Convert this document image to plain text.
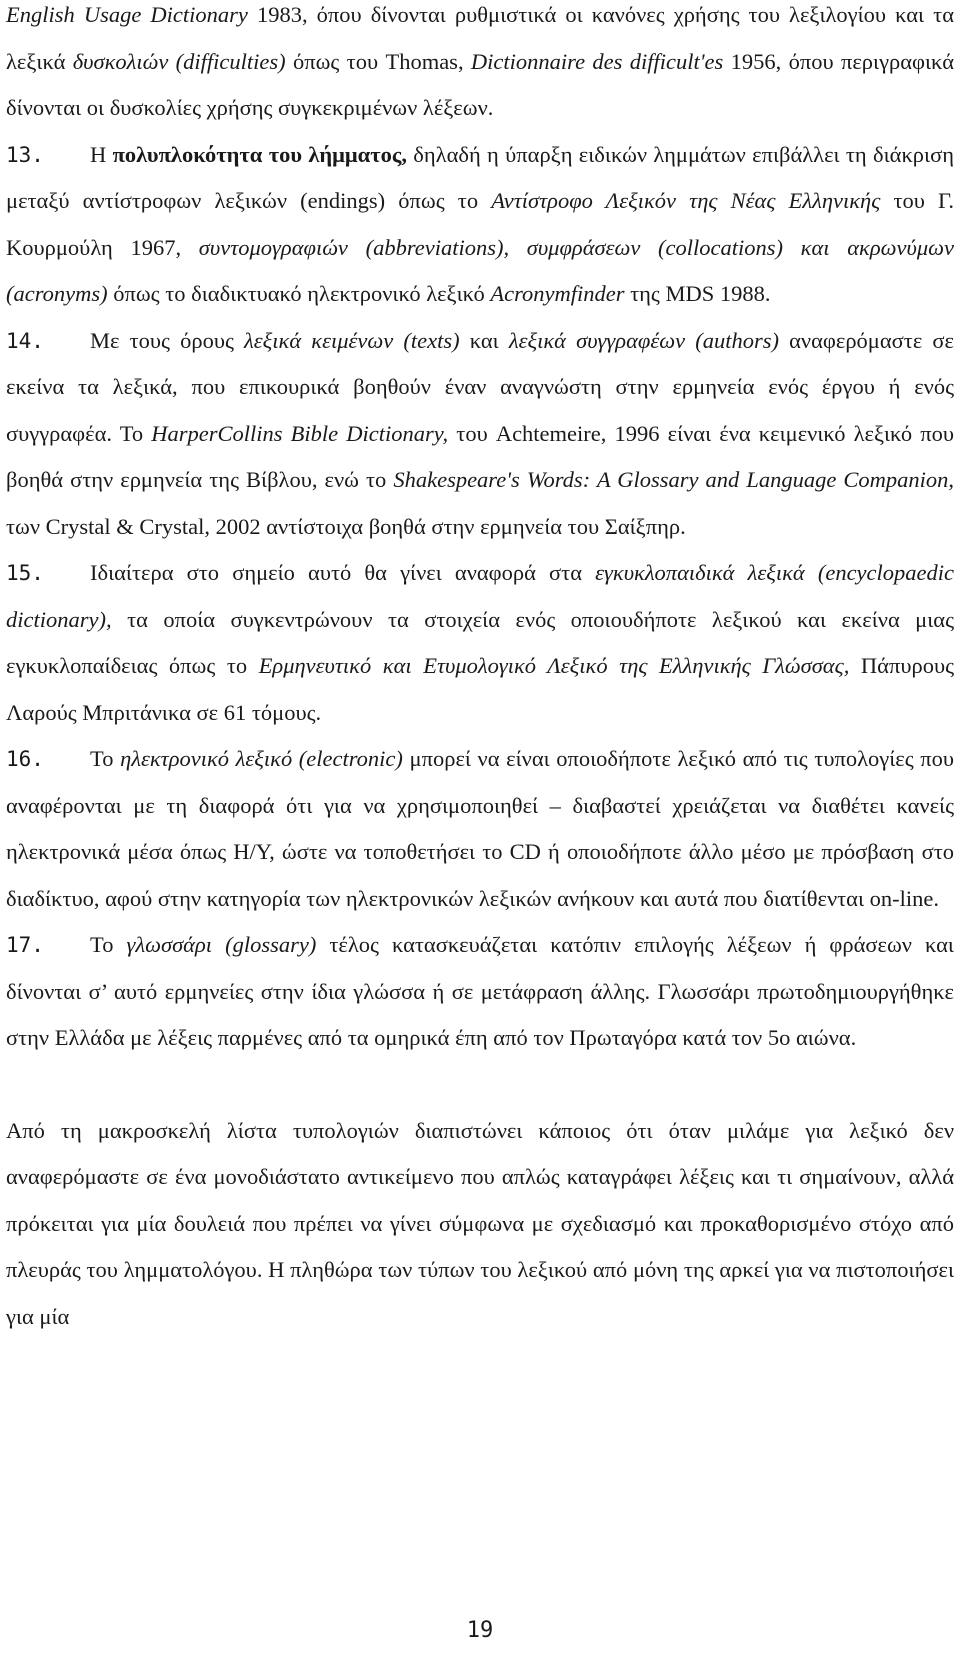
English Usage Dictionary 1983, όπου δίνονται ρυθμιστικά οι κανόνες χρήσης του λεξιλογίου και τα λεξικά δυσκολιών (difficulties) όπως του Thomas, Dictionnaire des difficult'es 1956, όπου περιγραφικά δίνονται οι δυσκολίες χρήσης συγκεκριμένων λέξεων.

13. Η πολυπλοκότητα του λήμματος, δηλαδή η ύπαρξη ειδικών λημμάτων επιβάλλει τη διάκριση μεταξύ αντίστροφων λεξικών (endings) όπως το Αντίστροφο Λεξικόν της Νέας Ελληνικής του Γ. Κουρμούλη 1967, συντομογραφιών (abbreviations), συμφράσεων (collocations) και ακρωνύμων (acronyms) όπως το διαδικτυακό ηλεκτρονικό λεξικό Acronymfinder της MDS 1988.

14. Με τους όρους λεξικά κειμένων (texts) και λεξικά συγγραφέων (authors) αναφερόμαστε σε εκείνα τα λεξικά, που επικουρικά βοηθούν έναν αναγνώστη στην ερμηνεία ενός έργου ή ενός συγγραφέα. Το HarperCollins Bible Dictionary, του Achtemeire, 1996 είναι ένα κειμενικό λεξικό που βοηθά στην ερμηνεία της Βίβλου, ενώ το Shakespeare's Words: A Glossary and Language Companion, των Crystal & Crystal, 2002 αντίστοιχα βοηθά στην ερμηνεία του Σαίξπηρ.

15. Ιδιαίτερα στο σημείο αυτό θα γίνει αναφορά στα εγκυκλοπαιδικά λεξικά (encyclopaedic dictionary), τα οποία συγκεντρώνουν τα στοιχεία ενός οποιουδήποτε λεξικού και εκείνα μιας εγκυκλοπαίδειας όπως το Ερμηνευτικό και Ετυμολογικό Λεξικό της Ελληνικής Γλώσσας, Πάπυρους Λαρούς Μπριτάνικα σε 61 τόμους.

16. Το ηλεκτρονικό λεξικό (electronic) μπορεί να είναι οποιοδήποτε λεξικό από τις τυπολογίες που αναφέρονται με τη διαφορά ότι για να χρησιμοποιηθεί – διαβαστεί χρειάζεται να διαθέτει κανείς ηλεκτρονικά μέσα όπως Η/Υ, ώστε να τοποθετήσει το CD ή οποιοδήποτε άλλο μέσο με πρόσβαση στο διαδίκτυο, αφού στην κατηγορία των ηλεκτρονικών λεξικών ανήκουν και αυτά που διατίθενται on-line.

17. Το γλωσσάρι (glossary) τέλος κατασκευάζεται κατόπιν επιλογής λέξεων ή φράσεων και δίνονται σ’ αυτό ερμηνείες στην ίδια γλώσσα ή σε μετάφραση άλλης. Γλωσσάρι πρωτοδημιουργήθηκε στην Ελλάδα με λέξεις παρμένες από τα ομηρικά έπη από τον Πρωταγόρα κατά τον 5ο αιώνα.

Από τη μακροσκελή λίστα τυπολογιών διαπιστώνει κάποιος ότι όταν μιλάμε για λεξικό δεν αναφερόμαστε σε ένα μονοδιάστατο αντικείμενο που απλώς καταγράφει λέξεις και τι σημαίνουν, αλλά πρόκειται για μία δουλειά που πρέπει να γίνει σύμφωνα με σχεδιασμό και προκαθορισμένο στόχο από πλευράς του λημματολόγου. Η πληθώρα των τύπων του λεξικού από μόνη της αρκεί για να πιστοποιήσει για μία

19
